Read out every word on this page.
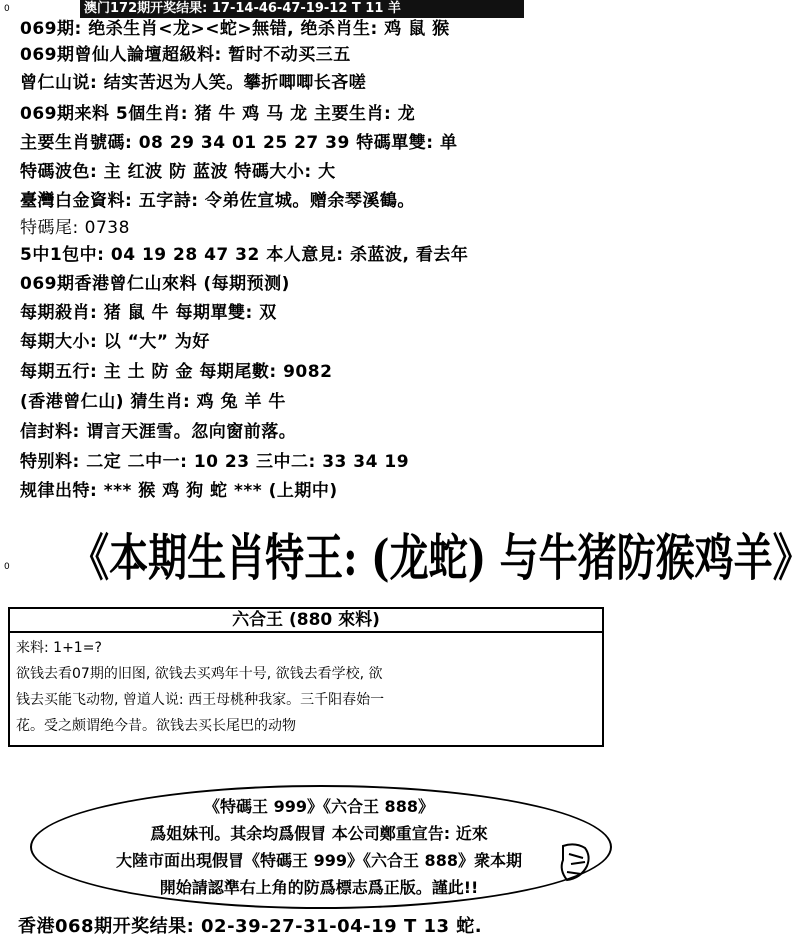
澳门172期开奖结果: 17-14-46-47-19-12 T 11 羊
0
0
069期: 绝杀生肖<龙><蛇>無错, 绝杀肖生: 鸡 鼠 猴
069期曾仙人論壇超級料: 暂时不动买三五
曾仁山说: 结实苦迟为人笑。攀折唧唧长吝嗟
069期来料 5個生肖: 猪 牛 鸡 马 龙 主要生肖: 龙
主要生肖號碼: 08 29 34 01 25 27 39 特碼單雙: 单
特碼波色: 主 红波 防 蓝波 特碼大小: 大
臺灣白金資料: 五字詩: 令弟佐宣城。赠余琴溪鶴。
特碼尾: 0738
5中1包中: 04 19 28 47 32 本人意見: 杀蓝波, 看去年
069期香港曾仁山來料 (每期预测)
每期殺肖: 猪 鼠 牛 每期單雙: 双
每期大小: 以 “大” 为好
每期五行: 主 土 防 金 每期尾數: 9082
(香港曾仁山) 猜生肖: 鸡 兔 羊 牛
信封料: 谓言天涯雪。忽向窗前落。
特别料: 二定 二中一: 10 23 三中二: 33 34 19
规律出特: *** 猴 鸡 狗 蛇 *** (上期中)
《本期生肖特王: (龙蛇) 与牛猪防猴鸡羊》
六合王 (880 來料)
来料: 1+1=?
欲钱去看07期的旧图, 欲钱去买鸡年十号, 欲钱去看学校, 欲
钱去买能飞动物, 曾道人说: 西王母桃种我家。三千阳春始一
花。受之颇谓绝今昔。欲钱去买长尾巴的动物
《特碼王 999》《六合王 888》
爲姐妹刊。其余均爲假冒 本公司鄭重宣告: 近來
大陸市面出現假冒《特碼王 999》《六合王 888》衆本期
開始請認準右上角的防爲標志爲正版。謹此!!
香港068期开奖结果: 02-39-27-31-04-19 T 13 蛇.
